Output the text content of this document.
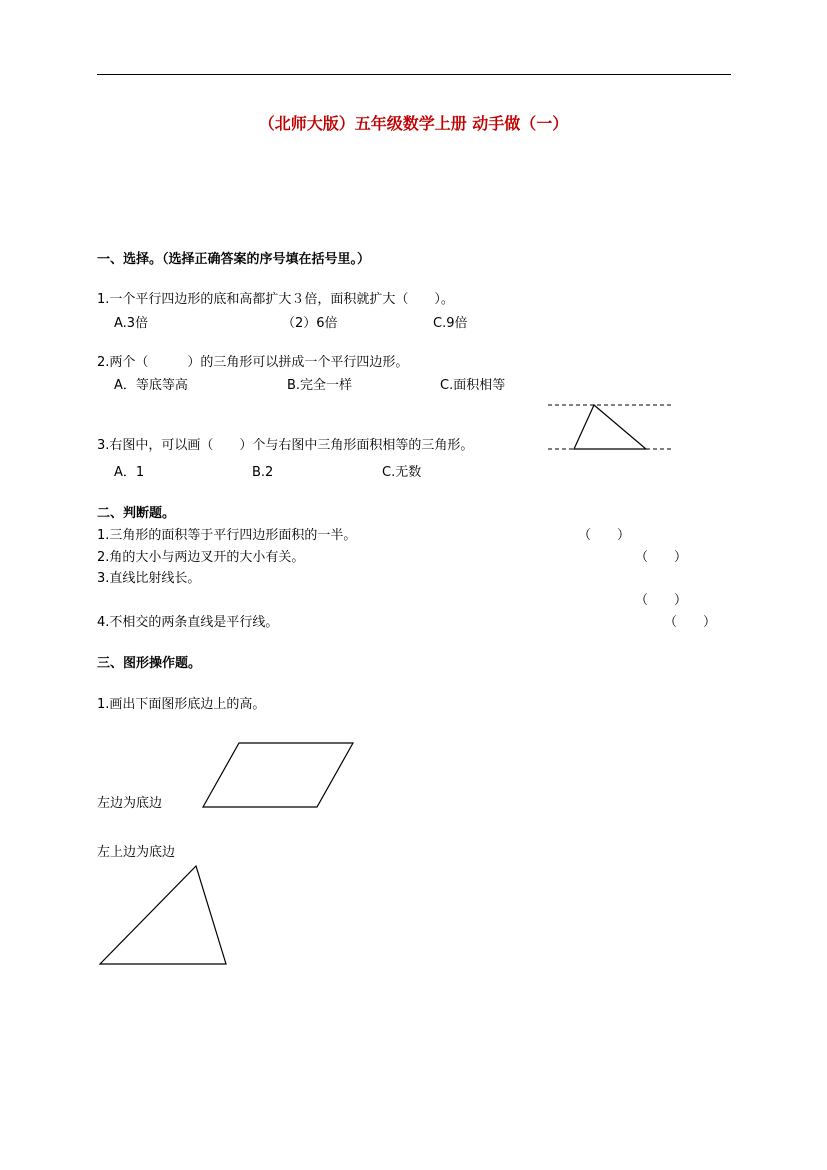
（北师大版）五年级数学上册 动手做（一）
一、选择。（选择正确答案的序号填在括号里。）
1.一个平行四边形的底和高都扩大３倍，面积就扩大（　　）。
A.3倍	（2）6倍	C.9倍
2.两个（　　　）的三角形可以拼成一个平行四边形。
A．等底等高	B.完全一样	C.面积相等
3.右图中，可以画（　　）个与右图中三角形面积相等的三角形。
A．1	B.2	C.无数
二、判断题。
1.三角形的面积等于平行四边形面积的一半。	（　　）
2.角的大小与两边叉开的大小有关。	（　　）
3.直线比射线长。
（　　）
4.不相交的两条直线是平行线。	（　　）
三、图形操作题。
1.画出下面图形底边上的高。
左边为底边
左上边为底边
